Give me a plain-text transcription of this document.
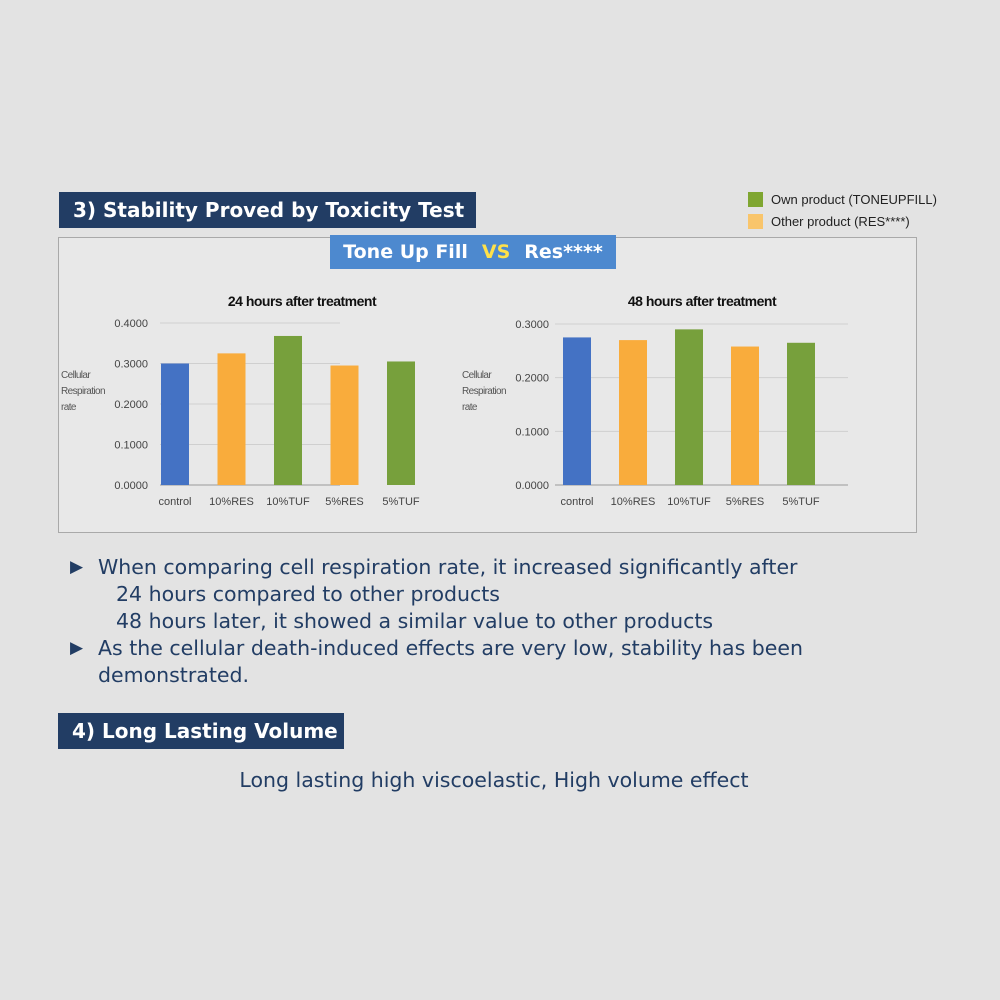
3) Stability Proved by Toxicity Test	Own product (TONEUPFILL)
Other product (RES****)
Tone Up Fill VS Res****
24 hours after treatment
Cellular
Respiration
rate
0.4000
0.3000
0.2000
0.1000
0.0000
control 10%RES 10%TUF 5%RES 5%TUF
48 hours after treatment
Cellular
Respiration
rate
0.3000
0.2000
0.1000
0.0000
control 10%RES 10%TUF 5%RES 5%TUF
▶ When comparing cell respiration rate, it increased significantly after
24 hours compared to other products
48 hours later, it showed a similar value to other products
▶ As the cellular death-induced effects are very low, stability has been
demonstrated.
4) Long Lasting Volume
Long lasting high viscoelastic, High volume effect
